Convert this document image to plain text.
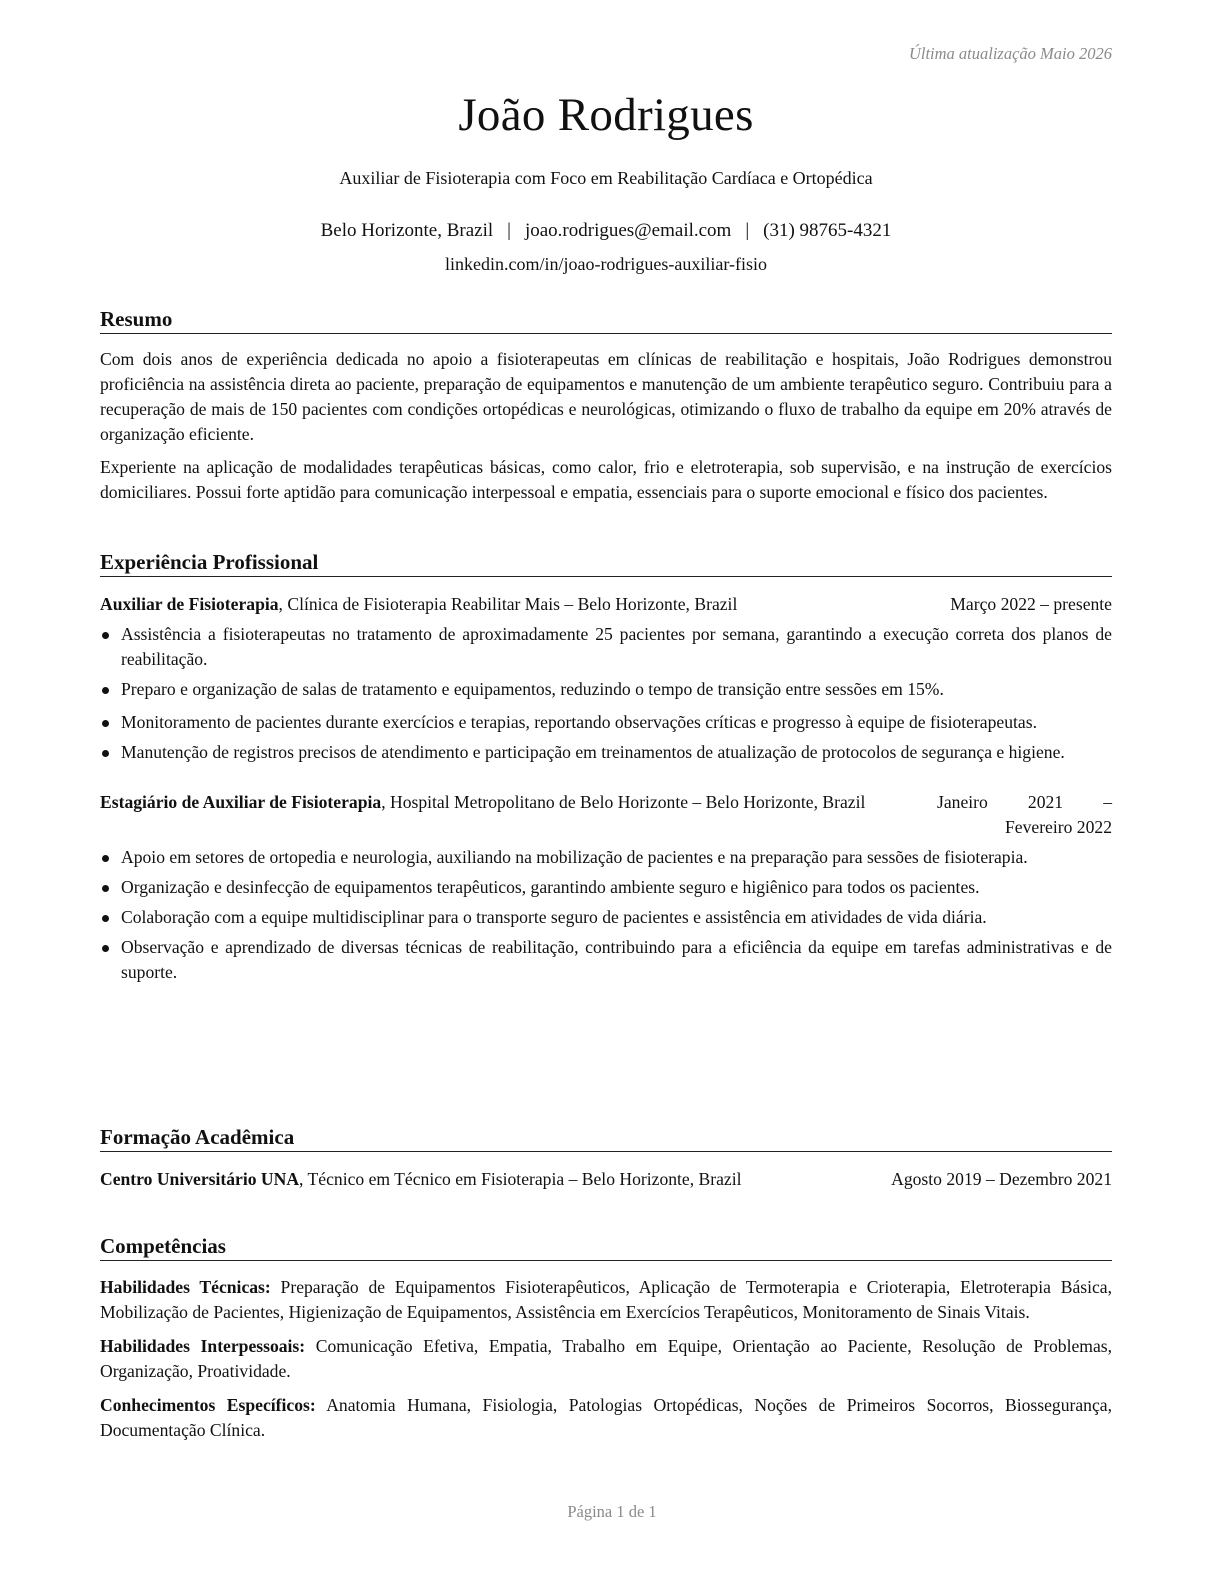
Última atualização Maio 2026
João Rodrigues
Auxiliar de Fisioterapia com Foco em Reabilitação Cardíaca e Ortopédica
Belo Horizonte, Brazil | joao.rodrigues@email.com | (31) 98765-4321
linkedin.com/in/joao-rodrigues-auxiliar-fisio
Resumo

Com dois anos de experiência dedicada no apoio a fisioterapeutas em clínicas de reabilitação e hospitais, João Rodrigues demonstrou proficiência na assistência direta ao paciente, preparação de equipamentos e manutenção de um ambiente terapêutico seguro. Contribuiu para a recuperação de mais de 150 pacientes com condições ortopédicas e neurológicas, otimizando o fluxo de trabalho da equipe em 20% através de organização eficiente.

Experiente na aplicação de modalidades terapêuticas básicas, como calor, frio e eletroterapia, sob supervisão, e na instrução de exercícios domiciliares. Possui forte aptidão para comunicação interpessoal e empatia, essenciais para o suporte emocional e físico dos pacientes.

Experiência Profissional
Auxiliar de Fisioterapia, Clínica de Fisioterapia Reabilitar Mais – Belo Horizonte, Brazil	Março 2022 – presente
Assistência a fisioterapeutas no tratamento de aproximadamente 25 pacientes por semana, garantindo a execução correta dos planos de reabilitação.
Preparo e organização de salas de tratamento e equipamentos, reduzindo o tempo de transição entre sessões em 15%.
Monitoramento de pacientes durante exercícios e terapias, reportando observações críticas e progresso à equipe de fisioterapeutas.
Manutenção de registros precisos de atendimento e participação em treinamentos de atualização de protocolos de segurança e higiene.
Estagiário de Auxiliar de Fisioterapia, Hospital Metropolitano de Belo Horizonte – Belo Horizonte, Brazil	Janeiro 2021 – Fevereiro 2022
Apoio em setores de ortopedia e neurologia, auxiliando na mobilização de pacientes e na preparação para sessões de fisioterapia.
Organização e desinfecção de equipamentos terapêuticos, garantindo ambiente seguro e higiênico para todos os pacientes.
Colaboração com a equipe multidisciplinar para o transporte seguro de pacientes e assistência em atividades de vida diária.
Observação e aprendizado de diversas técnicas de reabilitação, contribuindo para a eficiência da equipe em tarefas administrativas e de suporte.
Formação Acadêmica
Centro Universitário UNA, Técnico em Técnico em Fisioterapia – Belo Horizonte, Brazil	Agosto 2019 – Dezembro 2021
Competências

Habilidades Técnicas: Preparação de Equipamentos Fisioterapêuticos, Aplicação de Termoterapia e Crioterapia, Eletroterapia Básica, Mobilização de Pacientes, Higienização de Equipamentos, Assistência em Exercícios Terapêuticos, Monitoramento de Sinais Vitais.

Habilidades Interpessoais: Comunicação Efetiva, Empatia, Trabalho em Equipe, Orientação ao Paciente, Resolução de Problemas, Organização, Proatividade.

Conhecimentos Específicos: Anatomia Humana, Fisiologia, Patologias Ortopédicas, Noções de Primeiros Socorros, Biossegurança, Documentação Clínica.

Página 1 de 1
